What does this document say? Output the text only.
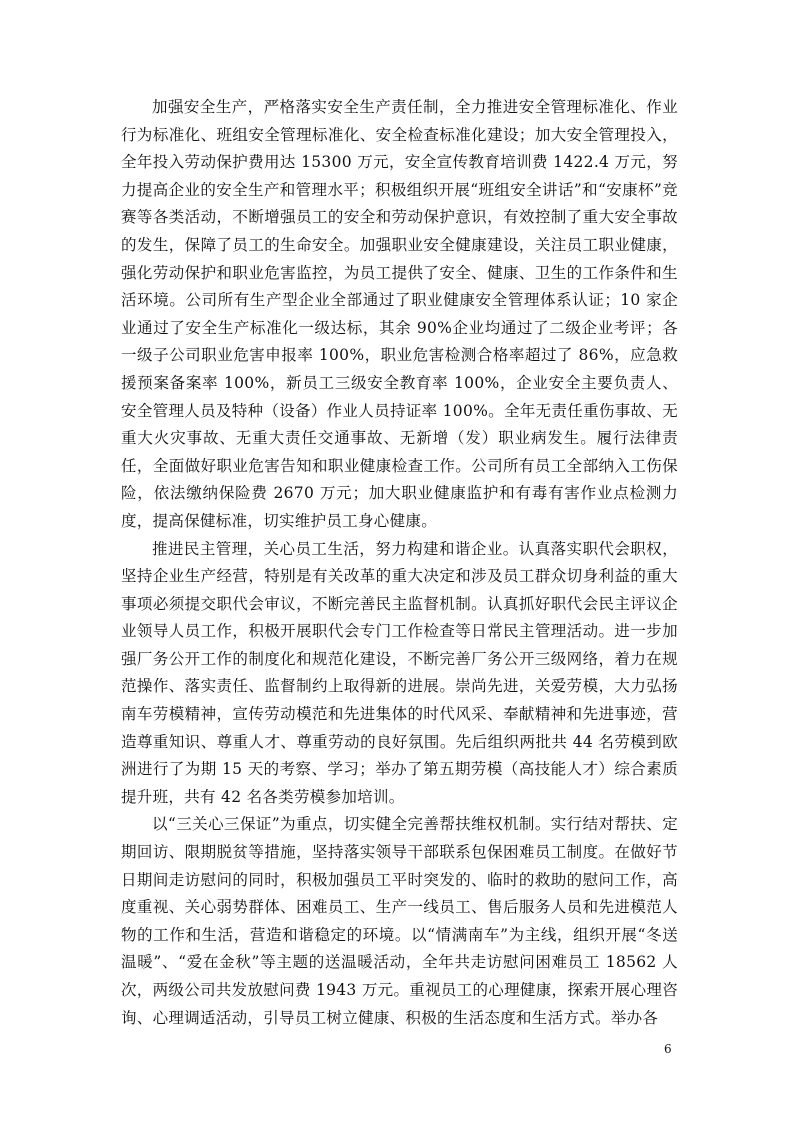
加强安全生产，严格落实安全生产责任制，全力推进安全管理标准化、作业行为标准化、班组安全管理标准化、安全检查标准化建设；加大安全管理投入，全年投入劳动保护费用达 15300 万元，安全宣传教育培训费 1422.4 万元，努力提高企业的安全生产和管理水平；积极组织开展“班组安全讲话”和“安康杯”竞赛等各类活动，不断增强员工的安全和劳动保护意识，有效控制了重大安全事故的发生，保障了员工的生命安全。加强职业安全健康建设，关注员工职业健康，强化劳动保护和职业危害监控，为员工提供了安全、健康、卫生的工作条件和生活环境。公司所有生产型企业全部通过了职业健康安全管理体系认证；10 家企业通过了安全生产标准化一级达标，其余 90%企业均通过了二级企业考评；各一级子公司职业危害申报率 100%，职业危害检测合格率超过了 86%，应急救援预案备案率 100%，新员工三级安全教育率 100%，企业安全主要负责人、安全管理人员及特种（设备）作业人员持证率 100%。全年无责任重伤事故、无重大火灾事故、无重大责任交通事故、无新增（发）职业病发生。履行法律责任，全面做好职业危害告知和职业健康检查工作。公司所有员工全部纳入工伤保险，依法缴纳保险费 2670 万元；加大职业健康监护和有毒有害作业点检测力度，提高保健标准，切实维护员工身心健康。

推进民主管理，关心员工生活，努力构建和谐企业。认真落实职代会职权，坚持企业生产经营，特别是有关改革的重大决定和涉及员工群众切身利益的重大事项必须提交职代会审议，不断完善民主监督机制。认真抓好职代会民主评议企业领导人员工作，积极开展职代会专门工作检查等日常民主管理活动。进一步加强厂务公开工作的制度化和规范化建设，不断完善厂务公开三级网络，着力在规范操作、落实责任、监督制约上取得新的进展。崇尚先进，关爱劳模，大力弘扬南车劳模精神，宣传劳动模范和先进集体的时代风采、奉献精神和先进事迹，营造尊重知识、尊重人才、尊重劳动的良好氛围。先后组织两批共 44 名劳模到欧洲进行了为期 15 天的考察、学习；举办了第五期劳模（高技能人才）综合素质提升班，共有 42 名各类劳模参加培训。

以“三关心三保证”为重点，切实健全完善帮扶维权机制。实行结对帮扶、定期回访、限期脱贫等措施，坚持落实领导干部联系包保困难员工制度。在做好节日期间走访慰问的同时，积极加强员工平时突发的、临时的救助的慰问工作，高度重视、关心弱势群体、困难员工、生产一线员工、售后服务人员和先进模范人物的工作和生活，营造和谐稳定的环境。以“情满南车”为主线，组织开展“冬送温暖”、“爱在金秋”等主题的送温暖活动，全年共走访慰问困难员工 18562 人次，两级公司共发放慰问费 1943 万元。重视员工的心理健康，探索开展心理咨询、心理调适活动，引导员工树立健康、积极的生活态度和生活方式。举办各

6
